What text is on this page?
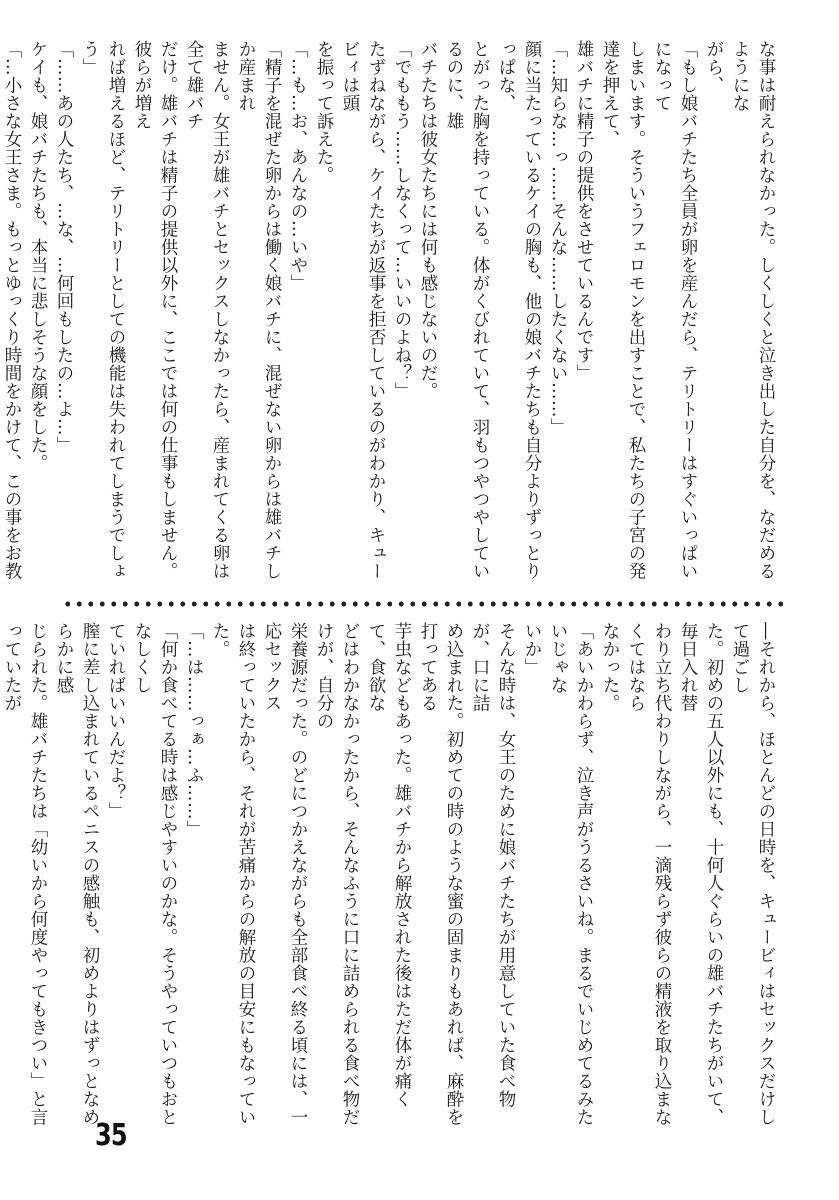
な事は耐えられなかった。しくしくと泣き出した自分を、なだめるようにな
がら、
「もし娘バチたち全員が卵を産んだら、テリトリーはすぐいっぱいになって
しまいます。そういうフェロモンを出すことで、私たちの子宮の発達を押えて、
雄バチに精子の提供をさせているんです」
「…知らな…っ……そんな……したくない……」
顔に当たっているケイの胸も、他の娘バチたちも自分よりずっとりっぱな、
とがった胸を持っている。体がくびれていて、羽もつやつやしているのに、雄
バチたちは彼女たちには何も感じないのだ。
「でももう……しなくって…いいのよね？」
たずねながら、ケイたちが返事を拒否しているのがわかり、キュービィは頭
を振って訴えた。
「…も…お、あんなの…いや」
「精子を混ぜた卵からは働く娘バチに、混ぜない卵からは雄バチしか産まれ
ません。女王が雄バチとセックスしなかったら、産まれてくる卵は全て雄バチ
だけ。雄バチは精子の提供以外に、ここでは何の仕事もしません。彼らが増え
れば増えるほど、テリトリーとしての機能は失われてしまうでしょう」
「……あの人たち、…な、…何回もしたの…よ…」
ケイも、娘バチたちも、本当に悲しそうな顔をした。
「…小さな女王さま。もっとゆっくり時間をかけて、この事をお教
―それから、ほとんどの日時を、キュービィはセックスだけして過ごし
た。初めの五人以外にも、十何人ぐらいの雄バチたちがいて、毎日入れ替
わり立ち代わりしながら、一滴残らず彼らの精液を取り込まなくてはなら
なかった。
「あいかわらず、泣き声がうるさいね。まるでいじめてるみたいじゃな
いか」
そんな時は、女王のために娘バチたちが用意していた食べ物が、口に詰
め込まれた。初めての時のような蜜の固まりもあれば、麻酔を打ってある
芋虫などもあった。雄バチから解放された後はただ体が痛くて、食欲な
どはわかなかったから、そんなふうに口に詰められる食べ物だけが、自分の
栄養源だった。のどにつかえながらも全部食べ終る頃には、一応セックス
は終っていたから、それが苦痛からの解放の目安にもなっていた。
「…は……っぁ…ふ……」
「何か食べてる時は感じやすいのかな。そうやっていつもおとなしくし
ていればいいんだよ？」
膣に差し込まれているペニスの感触も、初めよりはずっとなめらかに感
じられた。雄バチたちは「幼いから何度やってもきつい」と言っていたが
35
